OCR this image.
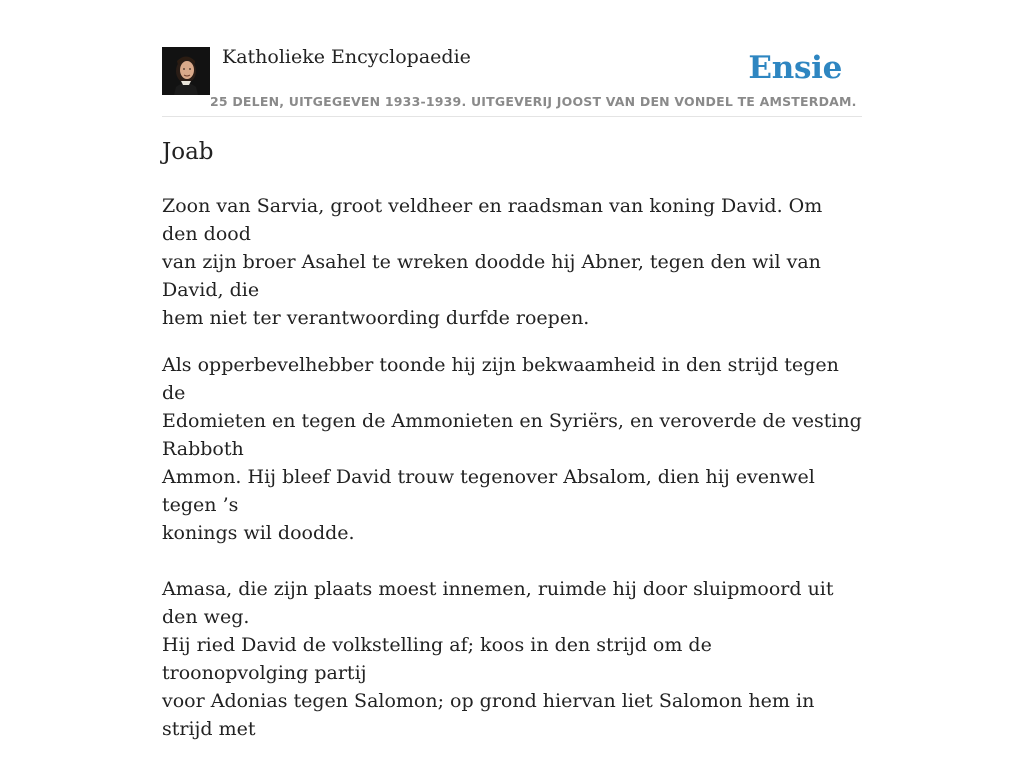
Katholieke Encyclopaedie
25 DELEN, UITGEGEVEN 1933-1939. UITGEVERIJ JOOST VAN DEN VONDEL TE AMSTERDAM.
Ensie
Joab

Zoon van Sarvia, groot veldheer en raadsman van koning David. Om den dood
van zijn broer Asahel te wreken doodde hij Abner, tegen den wil van David, die
hem niet ter verantwoording durfde roepen.

Als opperbevelhebber toonde hij zijn bekwaamheid in den strijd tegen de
Edomieten en tegen de Ammonieten en Syriërs, en veroverde de vesting Rabboth
Ammon. Hij bleef David trouw tegenover Absalom, dien hij evenwel tegen ’s
konings wil doodde.

Amasa, die zijn plaats moest innemen, ruimde hij door sluipmoord uit den weg.
Hij ried David de volkstelling af; koos in den strijd om de troonopvolging partij
voor Adonias tegen Salomon; op grond hiervan liet Salomon hem in strijd met
